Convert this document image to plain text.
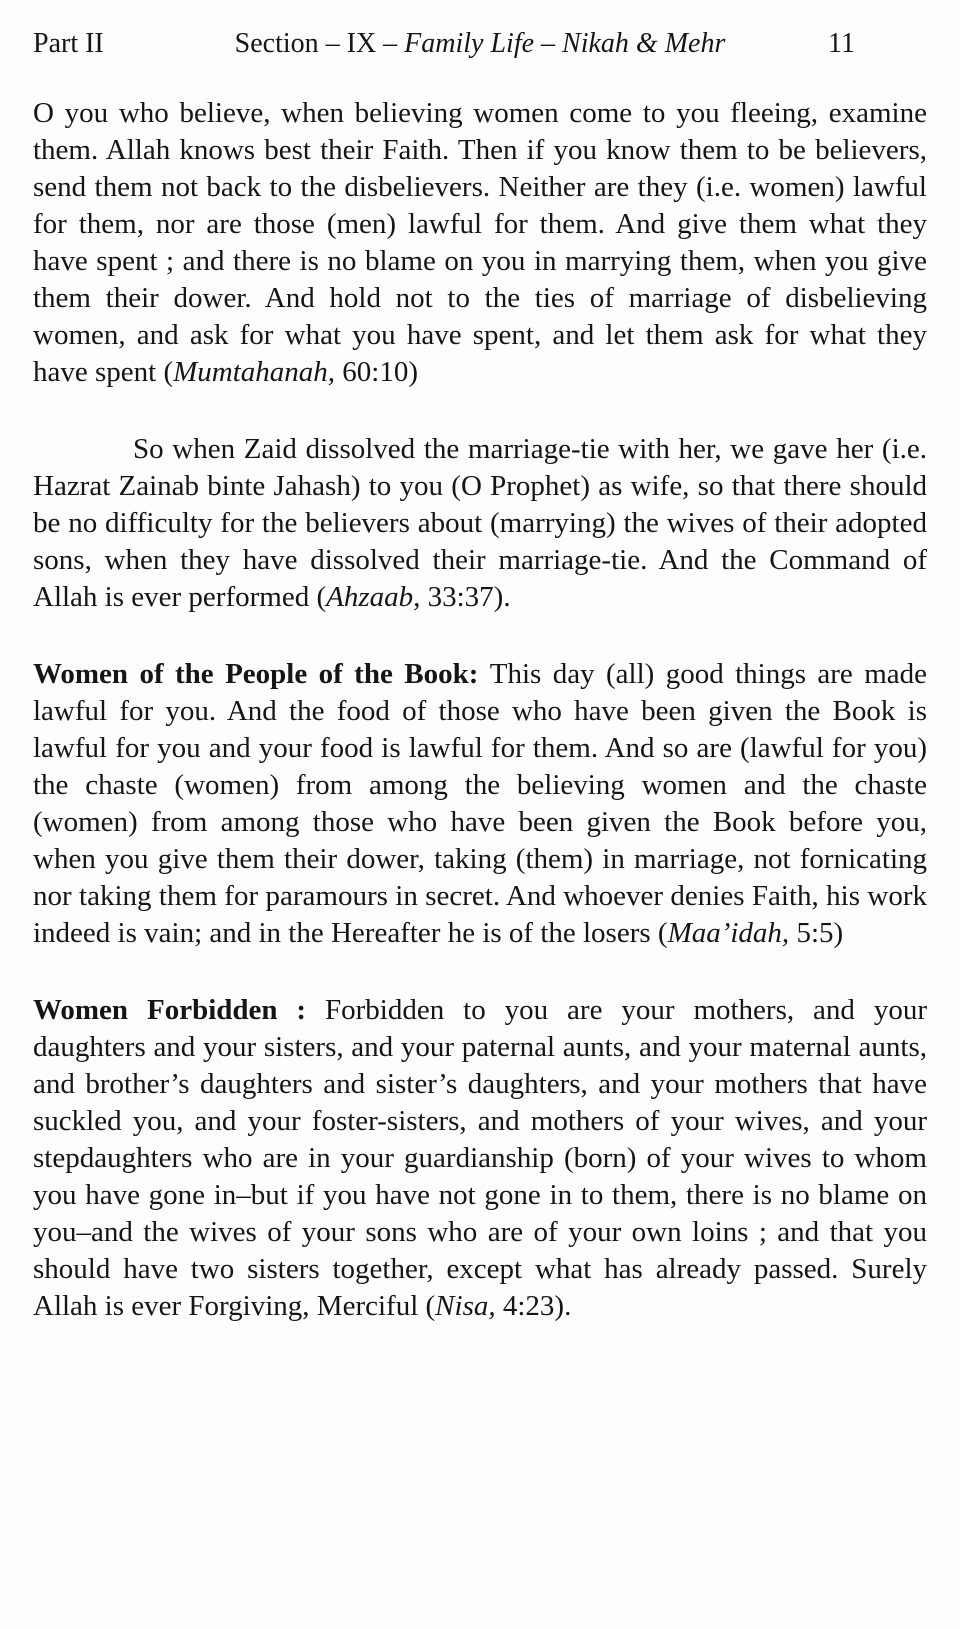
Part II	Section – IX – Family Life – Nikah & Mehr	11

O you who believe, when believing women come to you fleeing, examine them. Allah knows best their Faith. Then if you know them to be believers, send them not back to the disbelievers. Neither are they (i.e. women) lawful for them, nor are those (men) lawful for them. And give them what they have spent ; and there is no blame on you in marrying them, when you give them their dower. And hold not to the ties of marriage of disbelieving women, and ask for what you have spent, and let them ask for what they have spent (Mumtahanah, 60:10)

So when Zaid dissolved the marriage-tie with her, we gave her (i.e. Hazrat Zainab binte Jahash) to you (O Prophet) as wife, so that there should be no difficulty for the believers about (marrying) the wives of their adopted sons, when they have dissolved their marriage-tie. And the Command of Allah is ever performed (Ahzaab, 33:37).

Women of the People of the Book: This day (all) good things are made lawful for you. And the food of those who have been given the Book is lawful for you and your food is lawful for them. And so are (lawful for you) the chaste (women) from among the believing women and the chaste (women) from among those who have been given the Book before you, when you give them their dower, taking (them) in marriage, not fornicating nor taking them for paramours in secret. And whoever denies Faith, his work indeed is vain; and in the Hereafter he is of the losers (Maa’idah, 5:5)

Women Forbidden : Forbidden to you are your mothers, and your daughters and your sisters, and your paternal aunts, and your maternal aunts, and brother’s daughters and sister’s daughters, and your mothers that have suckled you, and your foster-sisters, and mothers of your wives, and your stepdaughters who are in your guardianship (born) of your wives to whom you have gone in–but if you have not gone in to them, there is no blame on you–and the wives of your sons who are of your own loins ; and that you should have two sisters together, except what has already passed. Surely Allah is ever Forgiving, Merciful (Nisa, 4:23).
